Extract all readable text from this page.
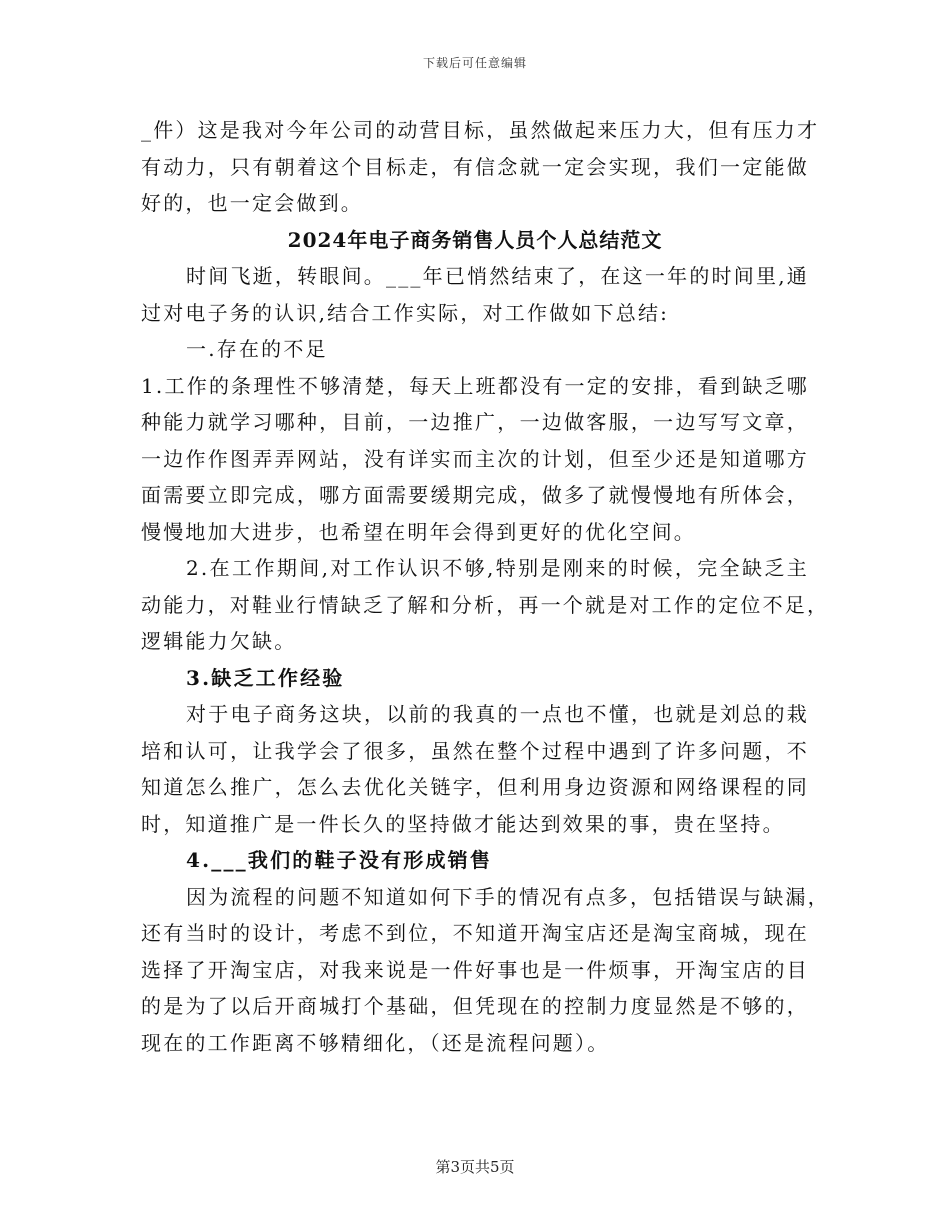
下载后可任意编辑
_件）这是我对今年公司的动营目标，虽然做起来压力大，但有压力才
有动力，只有朝着这个目标走，有信念就一定会实现，我们一定能做
好的，也一定会做到。
2024年电子商务销售人员个人总结范文
时间飞逝，转眼间。___年已悄然结束了，在这一年的时间里,通
过对电子务的认识,结合工作实际，对工作做如下总结:
一.存在的不足
1.工作的条理性不够清楚，每天上班都没有一定的安排，看到缺乏哪
种能力就学习哪种，目前，一边推广，一边做客服，一边写写文章，
一边作作图弄弄网站，没有详实而主次的计划，但至少还是知道哪方
面需要立即完成，哪方面需要缓期完成，做多了就慢慢地有所体会，
慢慢地加大进步，也希望在明年会得到更好的优化空间。
2.在工作期间,对工作认识不够,特别是刚来的时候，完全缺乏主
动能力，对鞋业行情缺乏了解和分析，再一个就是对工作的定位不足，
逻辑能力欠缺。
3.缺乏工作经验
对于电子商务这块，以前的我真的一点也不懂，也就是刘总的栽
培和认可，让我学会了很多，虽然在整个过程中遇到了许多问题，不
知道怎么推广，怎么去优化关链字，但利用身边资源和网络课程的同
时，知道推广是一件长久的坚持做才能达到效果的事，贵在坚持。
4.___我们的鞋子没有形成销售
因为流程的问题不知道如何下手的情况有点多，包括错误与缺漏，
还有当时的设计，考虑不到位，不知道开淘宝店还是淘宝商城，现在
选择了开淘宝店，对我来说是一件好事也是一件烦事，开淘宝店的目
的是为了以后开商城打个基础，但凭现在的控制力度显然是不够的，
现在的工作距离不够精细化，（还是流程问题）。
第3页共5页
